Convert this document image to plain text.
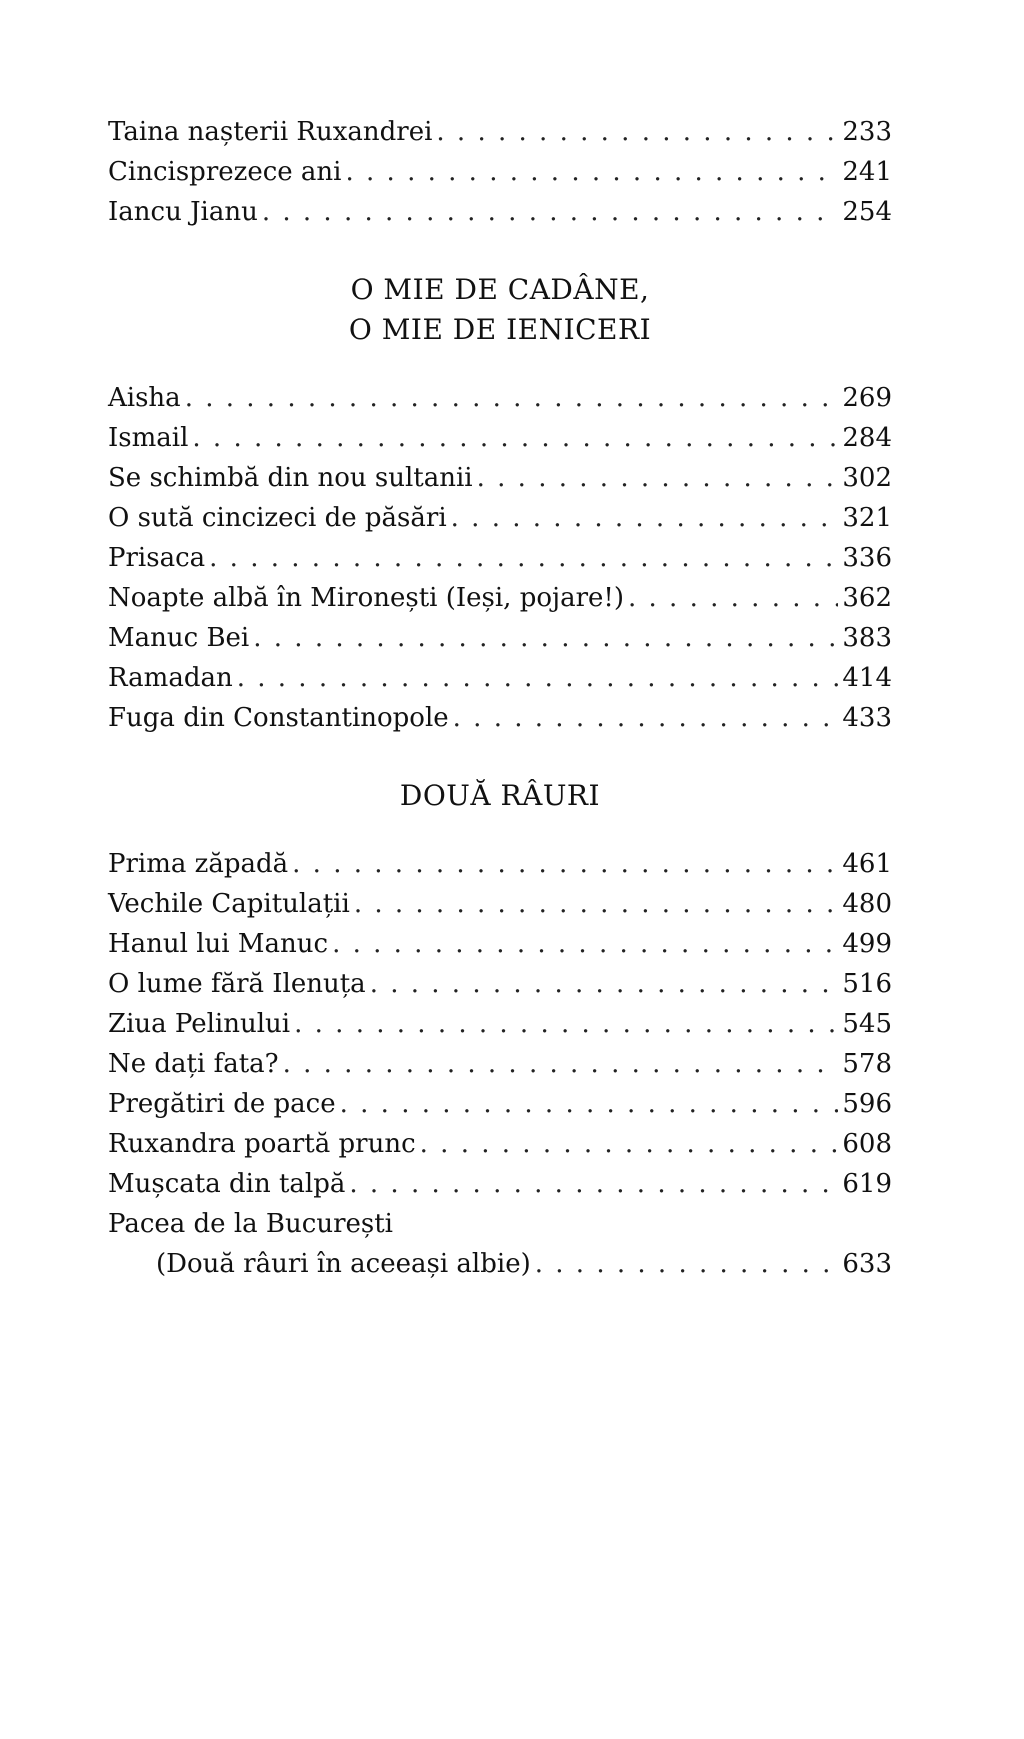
Taina nașterii Ruxandrei . . .	233
Cincisprezece ani . . .	241
Iancu Jianu . . .	254
O MIE DE CADÂNE,
O MIE DE IENICERI
Aisha . . .	269
Ismail . . .	284
Se schimbă din nou sultanii . . .	302
O sută cincizeci de păsări . . .	321
Prisaca . . .	336
Noapte albă în Mironești (Ieși, pojare!) . . .	362
Manuc Bei . . .	383
Ramadan . . .	414
Fuga din Constantinopole . . .	433
DOUĂ RÂURI
Prima zăpadă . . .	461
Vechile Capitulații . . .	480
Hanul lui Manuc . . .	499
O lume fără Ilenuța . . .	516
Ziua Pelinului . . .	545
Ne dați fata? . . .	578
Pregătiri de pace . . .	596
Ruxandra poartă prunc . . .	608
Mușcata din talpă . . .	619
Pacea de la București
(Două râuri în aceeași albie) . . .	633
